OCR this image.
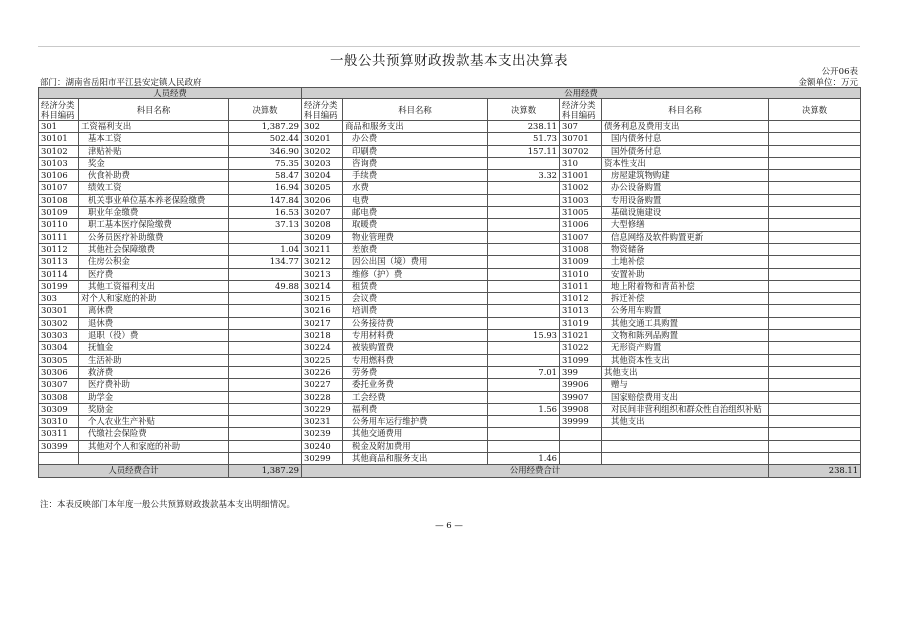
一般公共预算财政拨款基本支出决算表
公开06表
部门：湖南省岳阳市平江县安定镇人民政府	金额单位：万元
人员经费			公用经费					
经济分类科目编码	科目名称	决算数	经济分类科目编码	科目名称	决算数	经济分类科目编码	科目名称	决算数
301	工资福利支出	1,387.29	302	商品和服务支出	238.11	307	债务利息及费用支出	
30101	基本工资	502.44	30201	办公费	51.73	30701	国内债务付息	
30102	津贴补贴	346.90	30202	印刷费	157.11	30702	国外债务付息	
30103	奖金	75.35	30203	咨询费		310	资本性支出	
30106	伙食补助费	58.47	30204	手续费	3.32	31001	房屋建筑物购建	
30107	绩效工资	16.94	30205	水费		31002	办公设备购置	
30108	机关事业单位基本养老保险缴费	147.84	30206	电费		31003	专用设备购置	
30109	职业年金缴费	16.53	30207	邮电费		31005	基础设施建设	
30110	职工基本医疗保险缴费	37.13	30208	取暖费		31006	大型修缮	
30111	公务员医疗补助缴费		30209	物业管理费		31007	信息网络及软件购置更新	
30112	其他社会保障缴费	1.04	30211	差旅费		31008	物资储备	
30113	住房公积金	134.77	30212	因公出国（境）费用		31009	土地补偿	
30114	医疗费		30213	维修（护）费		31010	安置补助	
30199	其他工资福利支出	49.88	30214	租赁费		31011	地上附着物和青苗补偿	
303	对个人和家庭的补助		30215	会议费		31012	拆迁补偿	
30301	离休费		30216	培训费		31013	公务用车购置	
30302	退休费		30217	公务接待费		31019	其他交通工具购置	
30303	退职（役）费		30218	专用材料费	15.93	31021	文物和陈列品购置	
30304	抚恤金		30224	被装购置费		31022	无形资产购置	
30305	生活补助		30225	专用燃料费		31099	其他资本性支出	
30306	救济费		30226	劳务费	7.01	399	其他支出	
30307	医疗费补助		30227	委托业务费		39906	赠与	
30308	助学金		30228	工会经费		39907	国家赔偿费用支出	
30309	奖励金		30229	福利费	1.56	39908	对民间非营利组织和群众性自治组织补贴	
30310	个人农业生产补贴		30231	公务用车运行维护费		39999	其他支出	
30311	代缴社会保险费		30239	其他交通费用				
30399	其他对个人和家庭的补助		30240	税金及附加费用				
			30299	其他商品和服务支出	1.46			
人员经费合计		1,387.29	公用经费合计					238.11
注：本表反映部门本年度一般公共预算财政拨款基本支出明细情况。
— 6 —
